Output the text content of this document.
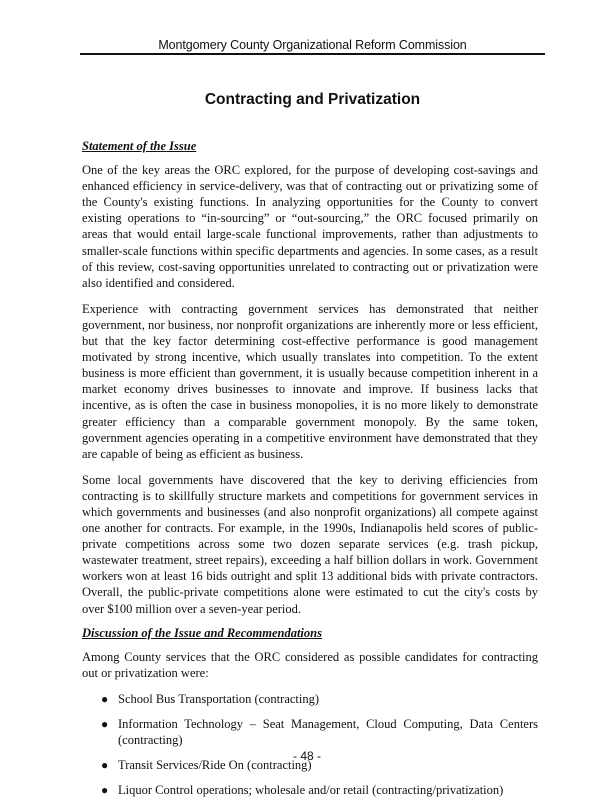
Montgomery County Organizational Reform Commission
Contracting and Privatization

Statement of the Issue

One of the key areas the ORC explored, for the purpose of developing cost-savings and enhanced efficiency in service-delivery, was that of contracting out or privatizing some of the County's existing functions. In analyzing opportunities for the County to convert existing operations to “in-sourcing” or “out-sourcing,” the ORC focused primarily on areas that would entail large-scale functional improvements, rather than adjustments to smaller-scale functions within specific departments and agencies. In some cases, as a result of this review, cost-saving opportunities unrelated to contracting out or privatization were also identified and considered.

Experience with contracting government services has demonstrated that neither government, nor business, nor nonprofit organizations are inherently more or less efficient, but that the key factor determining cost-effective performance is good management motivated by strong incentive, which usually translates into competition. To the extent business is more efficient than government, it is usually because competition inherent in a market economy drives businesses to innovate and improve. If business lacks that incentive, as is often the case in business monopolies, it is no more likely to demonstrate greater efficiency than a comparable government monopoly. By the same token, government agencies operating in a competitive environment have demonstrated that they are capable of being as efficient as business.

Some local governments have discovered that the key to deriving efficiencies from contracting is to skillfully structure markets and competitions for government services in which governments and businesses (and also nonprofit organizations) all compete against one another for contracts. For example, in the 1990s, Indianapolis held scores of public-private competitions across some two dozen separate services (e.g. trash pickup, wastewater treatment, street repairs), exceeding a half billion dollars in work. Government workers won at least 16 bids outright and split 13 additional bids with private contractors. Overall, the public-private competitions alone were estimated to cut the city's costs by over $100 million over a seven-year period.

Discussion of the Issue and Recommendations

Among County services that the ORC considered as possible candidates for contracting out or privatization were:

● School Bus Transportation (contracting)
● Information Technology – Seat Management, Cloud Computing, Data Centers (contracting)
● Transit Services/Ride On (contracting)
● Liquor Control operations; wholesale and/or retail (contracting/privatization)
- 48 -
